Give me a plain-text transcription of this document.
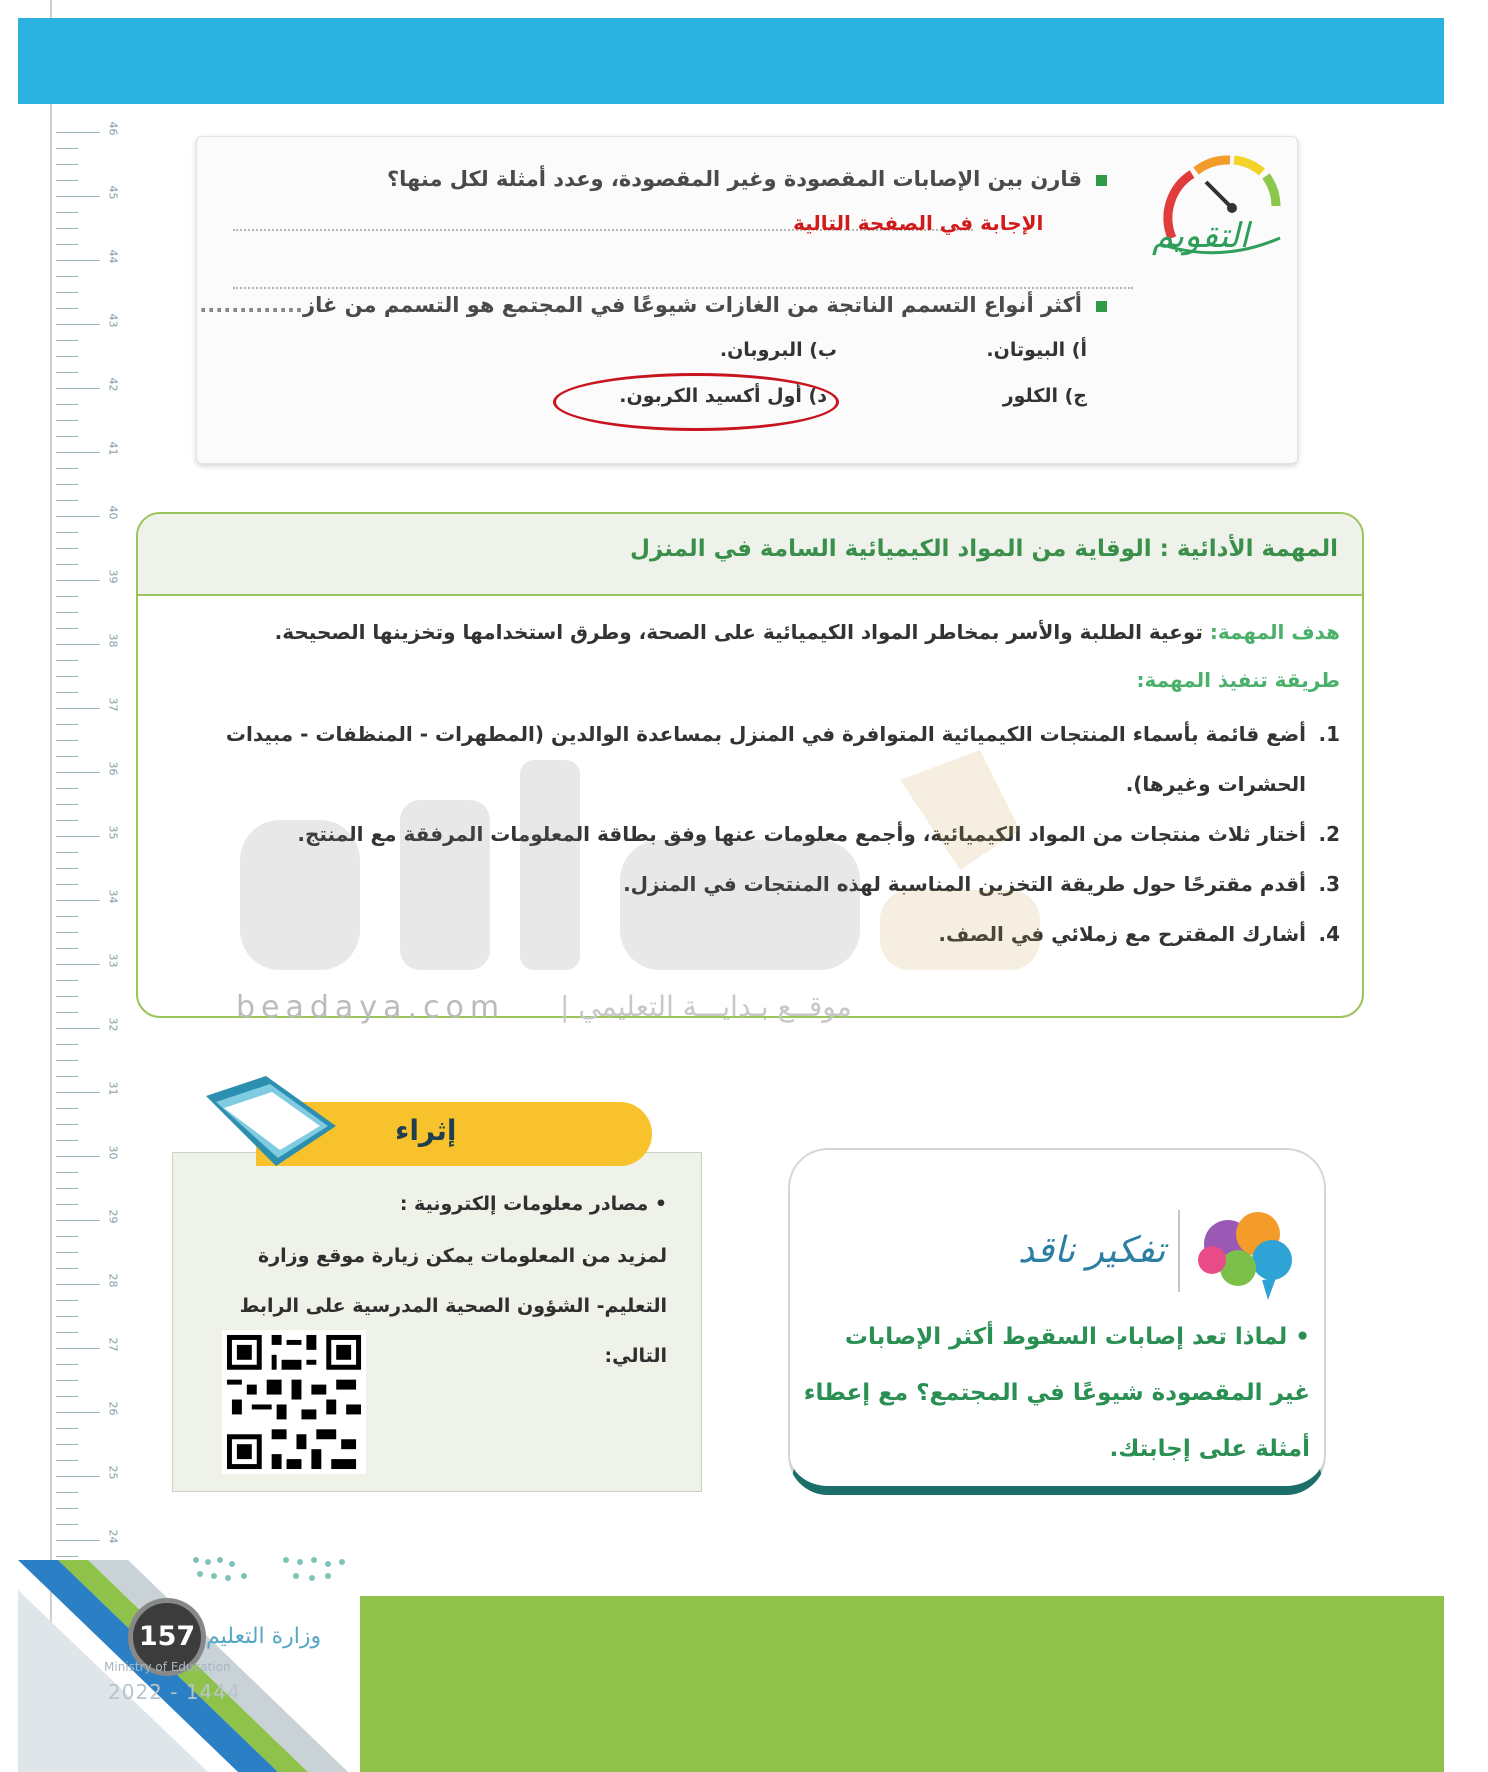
46
45
44
43
42
41
40
39
38
37
36
35
34
33
32
31
30
29
28
27
26
25
24
قارن بين الإصابات المقصودة وغير المقصودة، وعدد أمثلة لكل منها؟
الإجابة في الصفحة التالية
أكثر أنواع التسمم الناتجة من الغازات شيوعًا في المجتمع هو التسمم من غاز.............
أ) البيوتان.
ب) البروبان.
ج) الكلور
د) أول أكسيد الكربون.
التقويم
المهمة الأدائية : الوقاية من المواد الكيميائية السامة في المنزل
هدف المهمة: توعية الطلبة والأسر بمخاطر المواد الكيميائية على الصحة، وطرق استخدامها وتخزينها الصحيحة.
طريقة تنفيذ المهمة:
1.أضع قائمة بأسماء المنتجات الكيميائية المتوافرة في المنزل بمساعدة الوالدين (المطهرات - المنظفات - مبيدات
الحشرات وغيرها).
2.أختار ثلاث منتجات من المواد الكيميائية، وأجمع معلومات عنها وفق بطاقة المعلومات المرفقة مع المنتج.
3.أقدم مقترحًا حول طريقة التخزين المناسبة لهذه المنتجات في المنزل.
4.أشارك المقترح مع زملائي في الصف.
beadaya.com موقــع بـدايـــة التعليمي |
• مصادر معلومات إلكترونية :
لمزيد من المعلومات يمكن زيارة موقع وزارة
التعليم- الشؤون الصحية المدرسية على الرابط
التالي:
إثراء
تفكير ناقد
• لماذا تعد إصابات السقوط أكثر الإصابات
غير المقصودة شيوعًا في المجتمع؟ مع إعطاء
أمثلة على إجابتك.
157 وزارة التعليم
Ministry of Education
2022 - 1444
